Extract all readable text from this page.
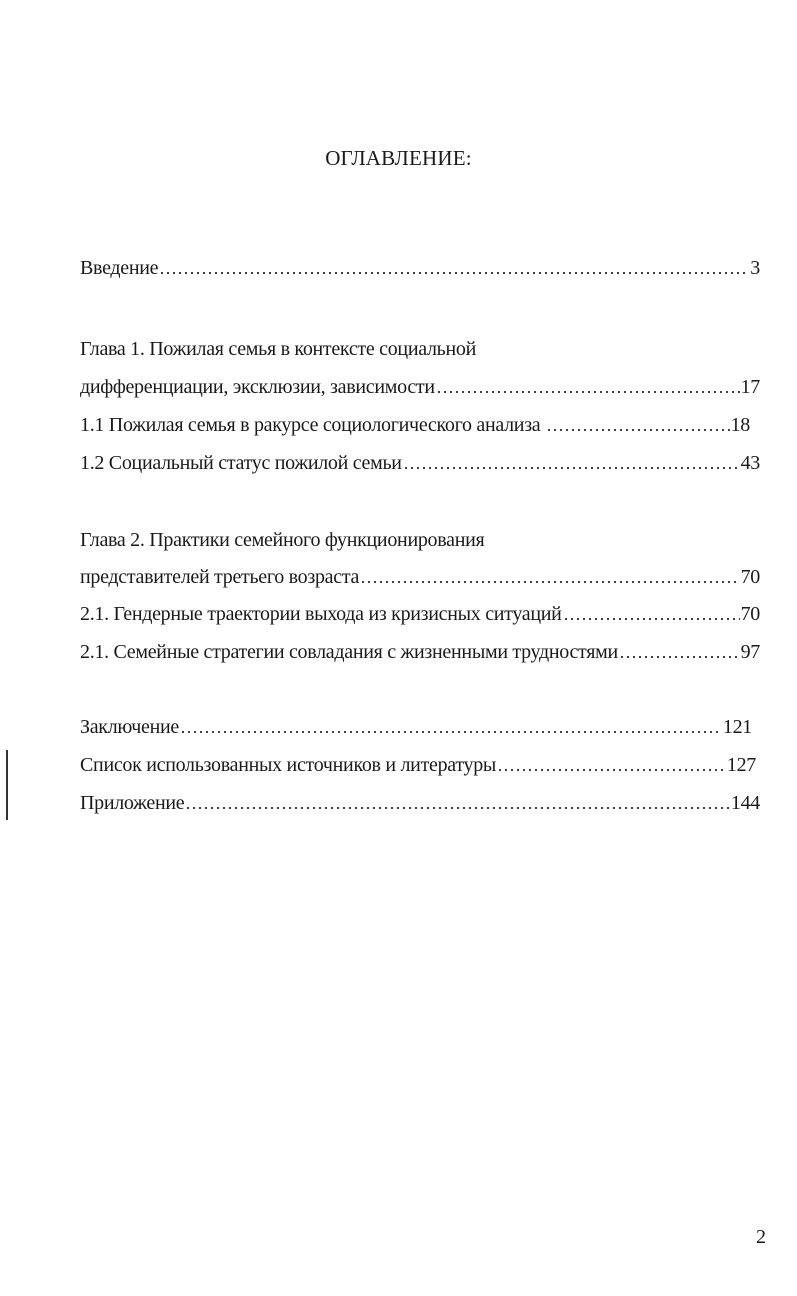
ОГЛАВЛЕНИЕ:
Введение	3
Глава 1. Пожилая семья в контексте социальной
дифференциации, эксклюзии, зависимости	17
1.1 Пожилая семья в ракурсе социологического анализа	18
1.2 Социальный статус пожилой семьи	43
Глава 2. Практики семейного функционирования
представителей третьего возраста	70
2.1. Гендерные траектории выхода из кризисных ситуаций	70
2.1. Семейные стратегии совладания с жизненными трудностями	97
Заключение	121
Список использованных источников и литературы	127
Приложение	144
2
